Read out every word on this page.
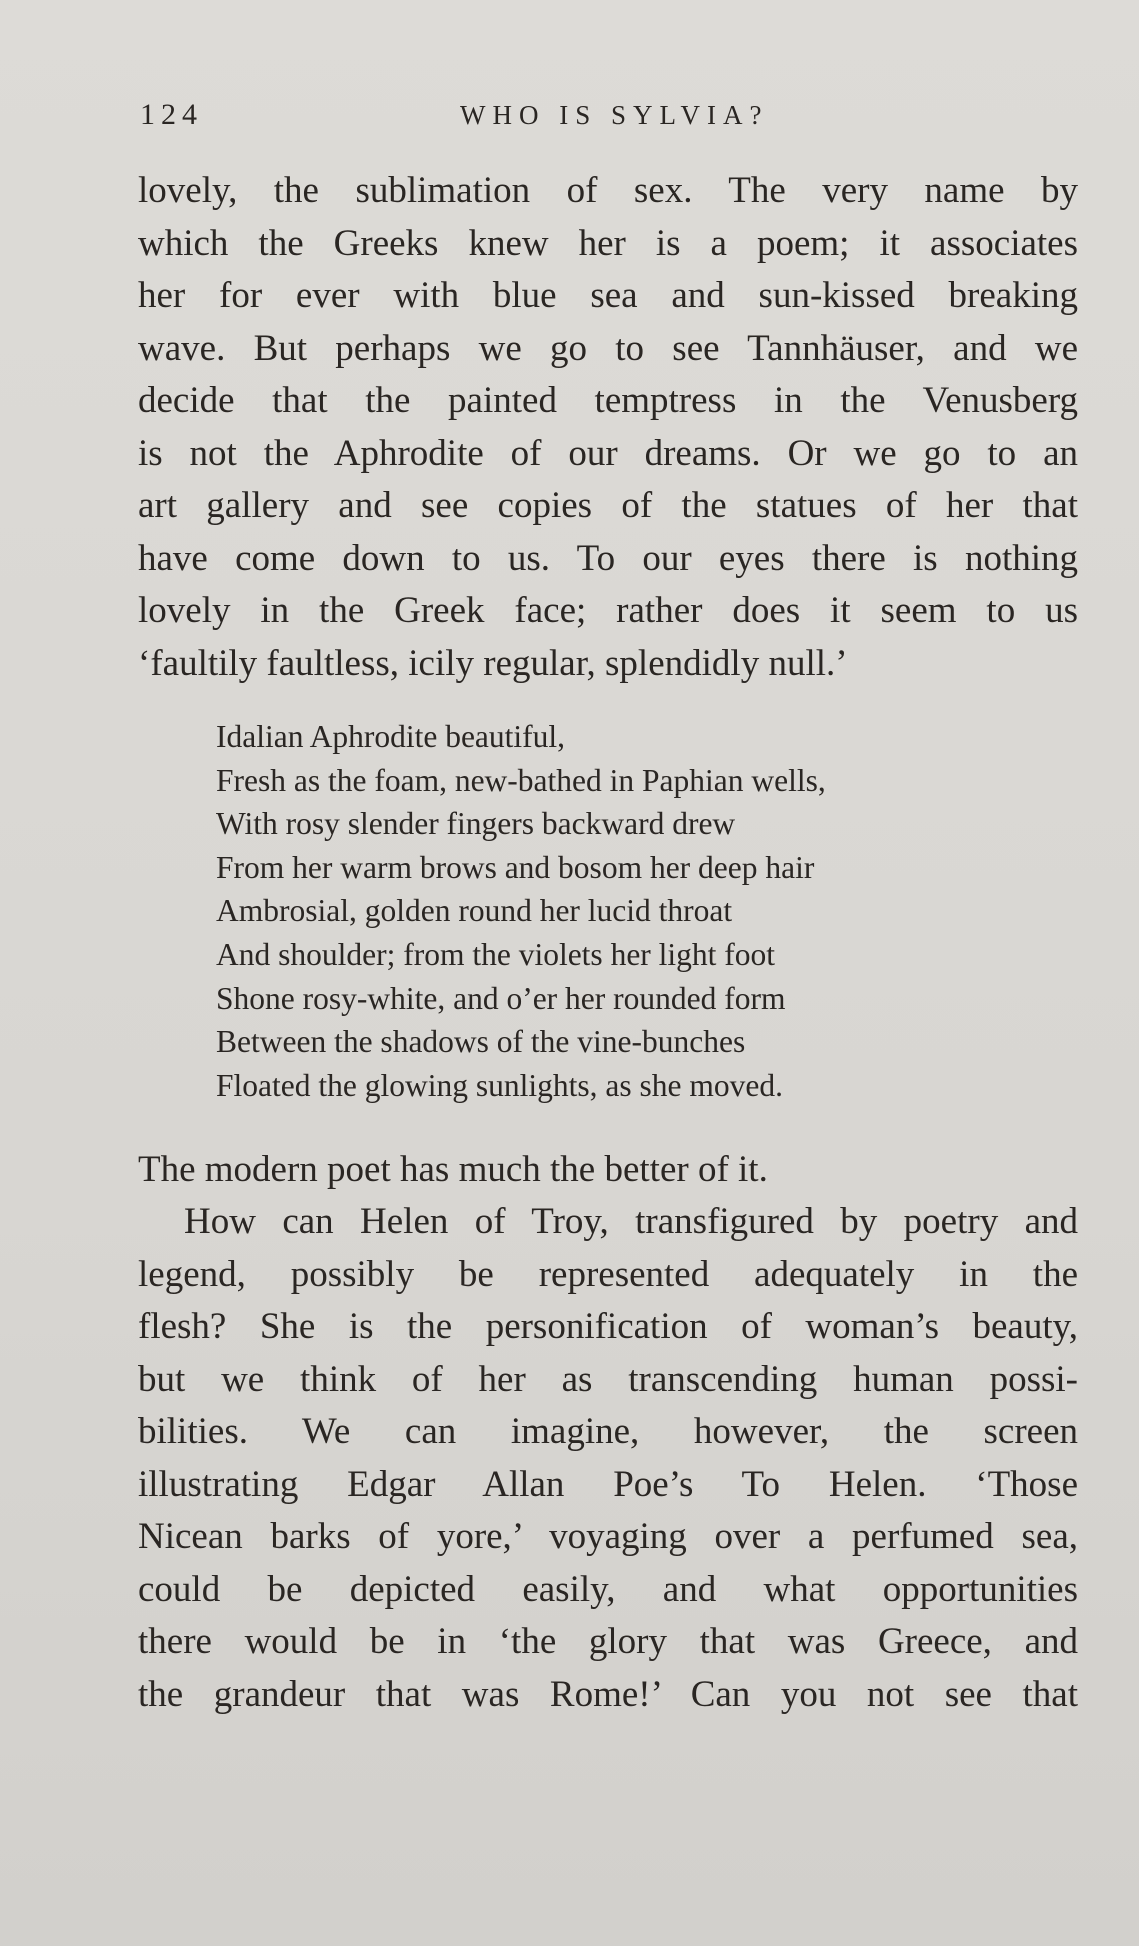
124	WHO IS SYLVIA?
lovely, the sublimation of sex. The very name by
which the Greeks knew her is a poem; it associates
her for ever with blue sea and sun-kissed breaking
wave. But perhaps we go to see Tannhäuser, and we
decide that the painted temptress in the Venusberg
is not the Aphrodite of our dreams. Or we go to an
art gallery and see copies of the statues of her that
have come down to us. To our eyes there is nothing
lovely in the Greek face; rather does it seem to us
‘faultily faultless, icily regular, splendidly null.’
Idalian Aphrodite beautiful,
Fresh as the foam, new-bathed in Paphian wells,
With rosy slender fingers backward drew
From her warm brows and bosom her deep hair
Ambrosial, golden round her lucid throat
And shoulder; from the violets her light foot
Shone rosy-white, and o’er her rounded form
Between the shadows of the vine-bunches
Floated the glowing sunlights, as she moved.
The modern poet has much the better of it.
How can Helen of Troy, transfigured by poetry and
legend, possibly be represented adequately in the
flesh? She is the personification of woman’s beauty,
but we think of her as transcending human possi-
bilities. We can imagine, however, the screen
illustrating Edgar Allan Poe’s To Helen. ‘Those
Nicean barks of yore,’ voyaging over a perfumed sea,
could be depicted easily, and what opportunities
there would be in ‘the glory that was Greece, and
the grandeur that was Rome!’ Can you not see that
